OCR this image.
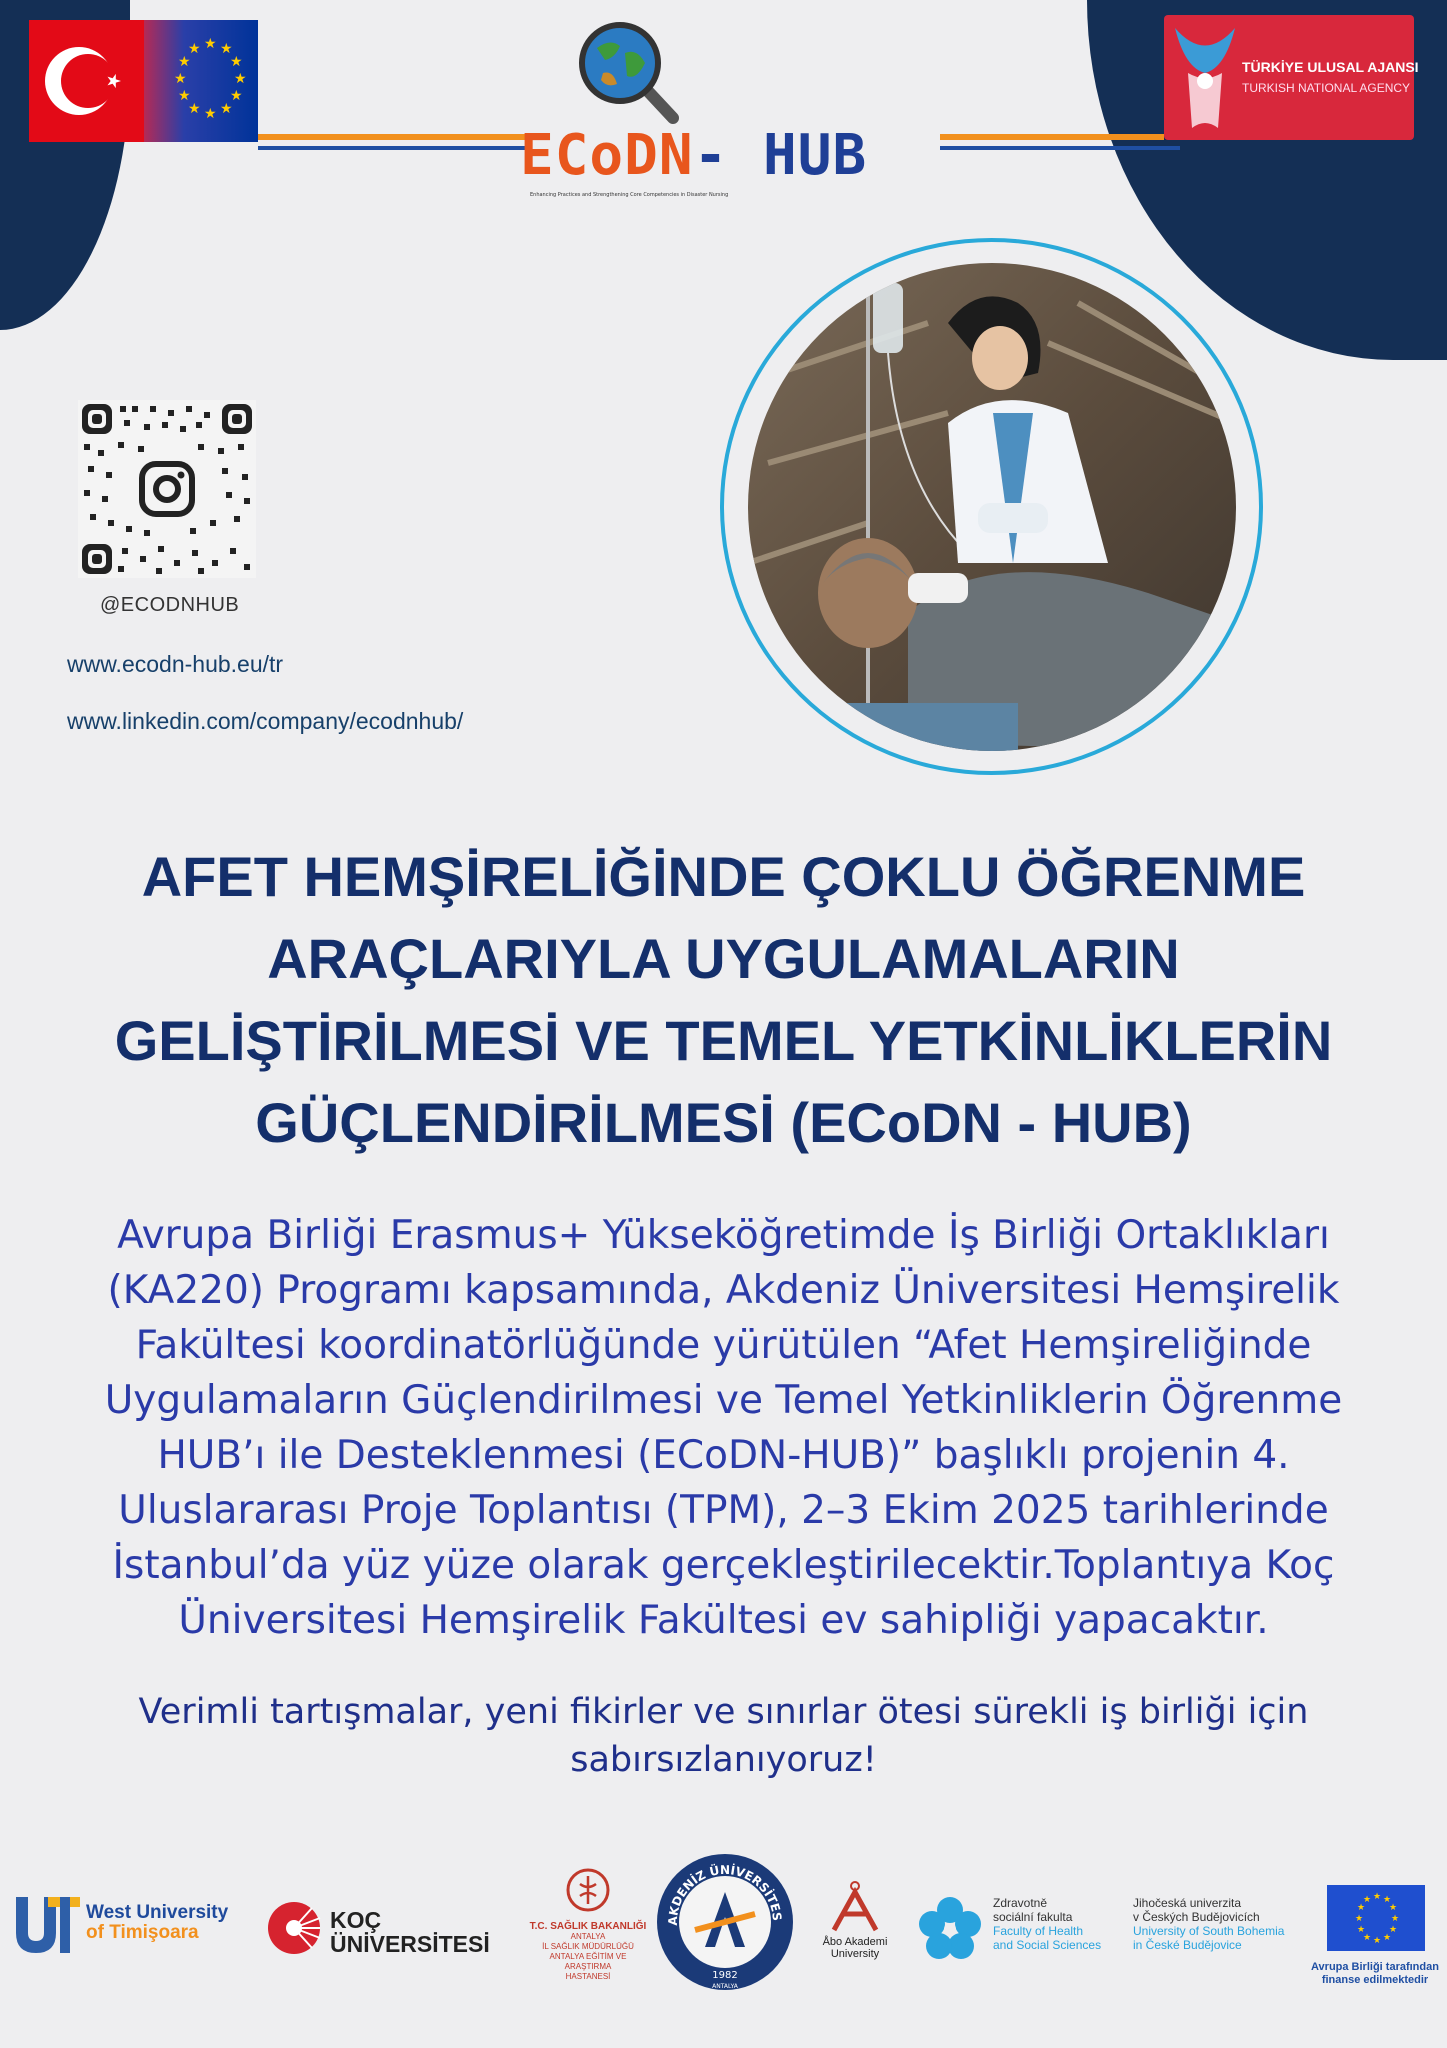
★ ★
★
★
★
★
★
★
★
★
★
★
ECoDN- HUB
Enhancing Practices and Strengthening Core Competencies in Disaster Nursing
TÜRKİYE ULUSAL AJANSI
TURKISH NATIONAL AGENCY
@ECODNHUB
www.ecodn-hub.eu/tr
www.linkedin.com/company/ecodnhub/
AFET HEMŞİRELİĞİNDE ÇOKLU ÖĞRENME
ARAÇLARIYLA UYGULAMALARIN
GELİŞTİRİLMESİ VE TEMEL YETKİNLİKLERİN
GÜÇLENDİRİLMESİ (ECoDN - HUB)
Avrupa Birliği Erasmus+ Yükseköğretimde İş Birliği Ortaklıkları
(KA220) Programı kapsamında, Akdeniz Üniversitesi Hemşirelik
Fakültesi koordinatörlüğünde yürütülen “Afet Hemşireliğinde
Uygulamaların Güçlendirilmesi ve Temel Yetkinliklerin Öğrenme
HUB’ı ile Desteklenmesi (ECoDN-HUB)” başlıklı projenin 4.
Uluslararası Proje Toplantısı (TPM), 2–3 Ekim 2025 tarihlerinde
İstanbul’da yüz yüze olarak gerçekleştirilecektir.Toplantıya Koç
Üniversitesi Hemşirelik Fakültesi ev sahipliği yapacaktır.
Verimli tartışmalar, yeni fikirler ve sınırlar ötesi sürekli iş birliği için
sabırsızlanıyoruz!
West University
of Timişoara	KOÇ
ÜNİVERSİTESİ
T.C. SAĞLIK BAKANLIĞI
ANTALYA
İL SAĞLIK MÜDÜRLÜĞÜ
ANTALYA EĞİTİM VE ARAŞTIRMA
HASTANESİ
AKDENİZ ÜNİVERSİTES
1982
ANTALYA
Åbo Akademi
University
Zdravotně
sociální fakulta
Faculty of Health
and Social Sciences
Jihočeská univerzita
v Českých Budějovicích
University of South Bohemia
in České Budějovice
★ ★
★
★
★
★
★
★
★
★
★
★
Avrupa Birliği tarafından
finanse edilmektedir
